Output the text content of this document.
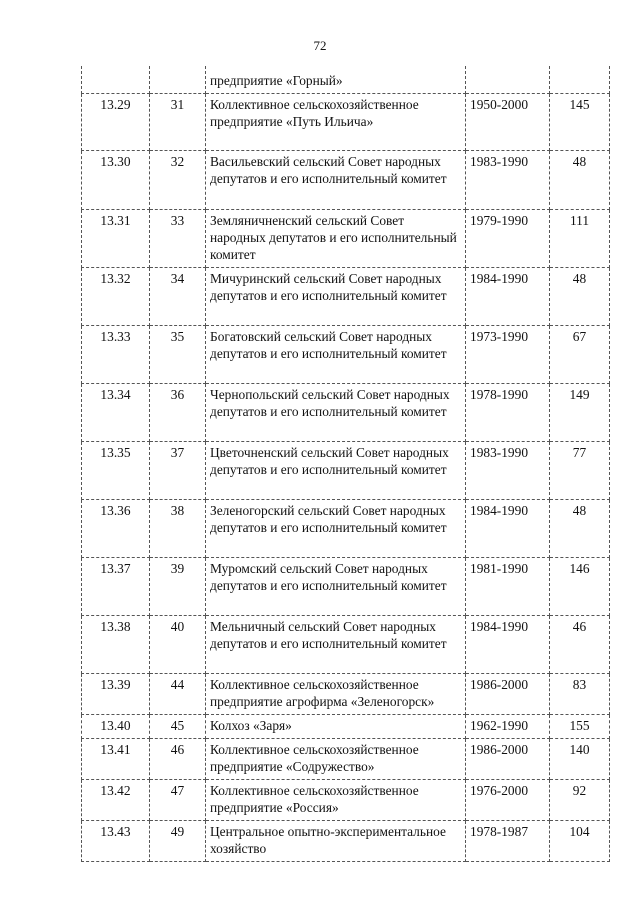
72
		предприятие «Горный»		
13.29	31	Коллективное сельскохозяйственное предприятие «Путь Ильича»	1950-2000	145
13.30	32	Васильевский сельский Совет народных депутатов и его исполнительный комитет	1983-1990	48
13.31	33	Земляничненский сельский Совет народных депутатов и его исполнительный комитет	1979-1990	111
13.32	34	Мичуринский сельский Совет народных депутатов и его исполнительный комитет	1984-1990	48
13.33	35	Богатовский сельский Совет народных депутатов и его исполнительный комитет	1973-1990	67
13.34	36	Чернопольский сельский Совет народных депутатов и его исполнительный комитет	1978-1990	149
13.35	37	Цветочненский сельский Совет народных депутатов и его исполнительный комитет	1983-1990	77
13.36	38	Зеленогорский сельский Совет народных депутатов и его исполнительный комитет	1984-1990	48
13.37	39	Муромский сельский Совет народных депутатов и его исполнительный комитет	1981-1990	146
13.38	40	Мельничный сельский Совет народных депутатов и его исполнительный комитет	1984-1990	46
13.39	44	Коллективное сельскохозяйственное предприятие агрофирма «Зеленогорск»	1986-2000	83
13.40	45	Колхоз «Заря»	1962-1990	155
13.41	46	Коллективное сельскохозяйственное предприятие «Содружество»	1986-2000	140
13.42	47	Коллективное сельскохозяйственное предприятие «Россия»	1976-2000	92
13.43	49	Центральное опытно-экспериментальное хозяйство	1978-1987	104
